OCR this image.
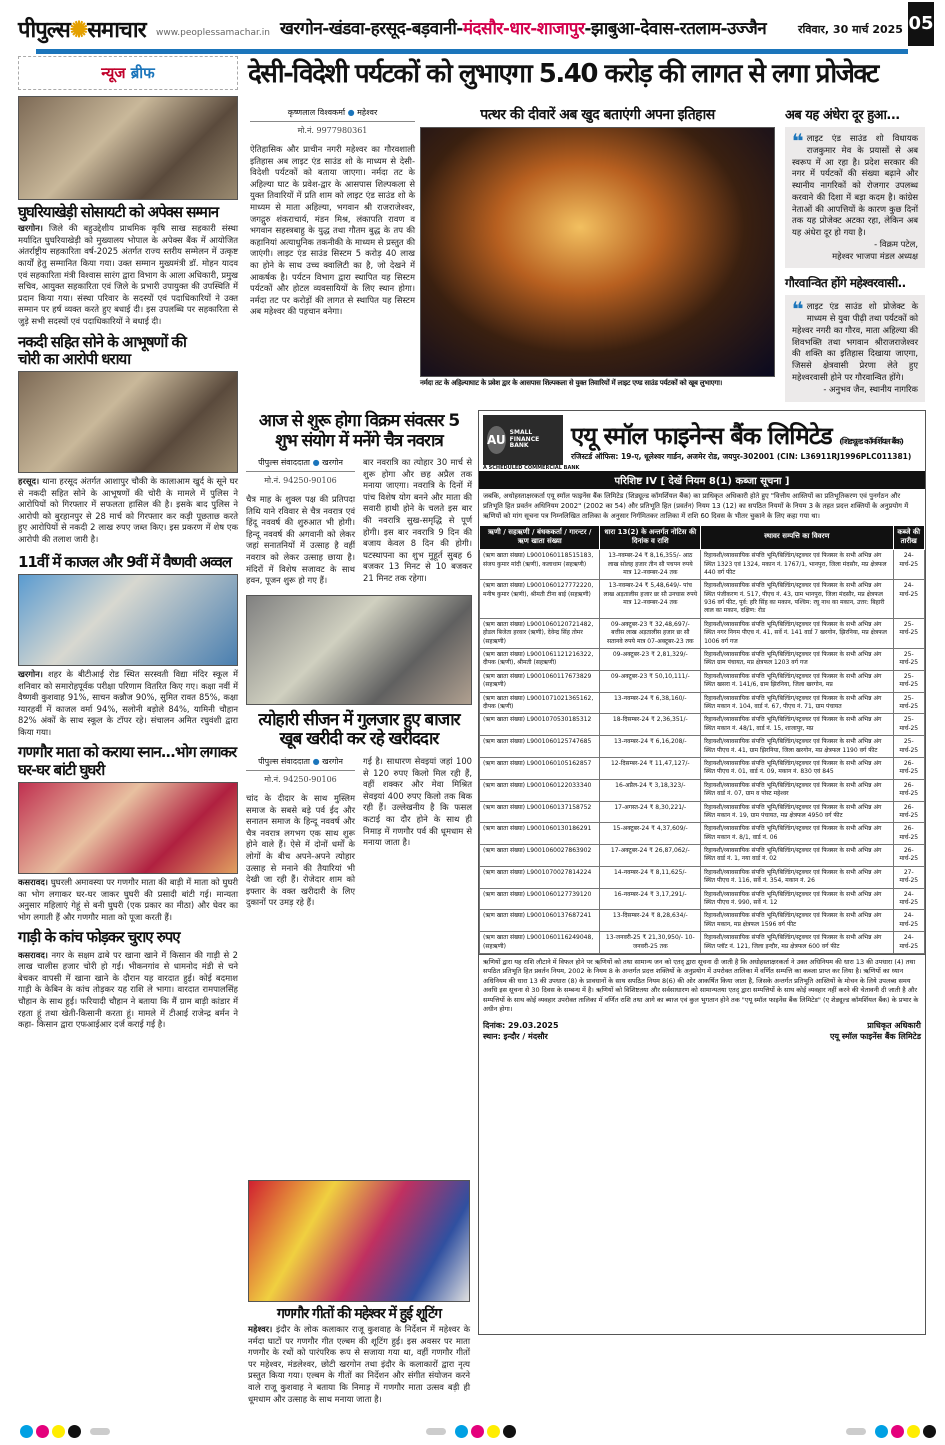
पीपुल्स✺समाचार www.peoplessamachar.in खरगोन-खंडवा-हरसूद-बड़वानी-मंदसौर-धार-शाजापुर-झाबुआ-देवास-रतलाम-उज्जैन	रविवार, 30 मार्च 2025 05
न्यूज ब्रीफ
घुघरियाखेड़ी सोसायटी को अपेक्स सम्मान

खरगोन। जिले की बहुउद्देशीय प्राथमिक कृषि साख सहकारी संस्था मर्यादित घुघरियाखेड़ी को मुख्यालय भोपाल के अपेक्स बैंक में आयोजित अंतर्राष्ट्रीय सहकारिता वर्ष-2025 अंतर्गत राज्य स्तरीय सम्मेलन में उत्कृष्ट कार्यों हेतु सम्मानित किया गया। उक्त सम्मान मुख्यमंत्री डॉ. मोहन यादव एवं सहकारिता मंत्री विश्वास सारंग द्वारा विभाग के आला अधिकारी, प्रमुख सचिव, आयुक्त सहकारिता एवं जिले के प्रभारी उपायुक्त की उपस्थिति में प्रदान किया गया। संस्था परिवार के सदस्यों एवं पदाधिकारियों ने उक्त सम्मान पर हर्ष व्यक्त करते हुए बधाई दी। इस उपलब्धि पर सहकारिता से जुड़े सभी सदस्यों एवं पदाधिकारियों ने बधाई दी।

नकदी सहित सोने के आभूषणों की चोरी का आरोपी धराया

हरसूद। थाना हरसूद अंतर्गत आशापुर चौकी के कालाआम खुर्द के सूने घर से नकदी सहित सोने के आभूषणों की चोरी के मामले में पुलिस ने आरोपियों को गिरफ्तार में सफलता हासिल की है। इसके बाद पुलिस ने आरोपी को बुरहानपुर से 28 मार्च को गिरफ्तार कर कड़ी पूछताछ करते हुए आरोपियों से नकदी 2 लाख रुपए जब्त किए। इस प्रकरण में शेष एक आरोपी की तलाश जारी है।

11वीं में काजल और 9वीं में वैष्णवी अव्वल

खरगोन। शहर के बीटीआई रोड स्थित सरस्वती विद्या मंदिर स्कूल में शनिवार को समारोहपूर्वक परीक्षा परिणाम वितरित किए गए। कक्षा नवीं में वैष्णवी कुशवाह 91%, साचन कन्नौज 90%, सुमित रावत 85%, कक्षा ग्यारहवीं में काजल वर्मा 94%, सलोनी बड़ोले 84%, यामिनी चौहान 82% अंकों के साथ स्कूल के टॉपर रहे। संचालन अमित रघुवंशी द्वारा किया गया।

गणगौर माता को कराया स्नान...भोग लगाकर घर-घर बांटी घुघरी

कसरावद। घुघरली अमावस्या पर गणगौर माता की बाड़ी में माता को घुघरी का भोग लगाकर घर-घर जाकर घुघरी की प्रसादी बांटी गई। मान्यता अनुसार महिलाएं गेहूं से बनी घुघरी (एक प्रकार का मीठा) और घेवर का भोग लगाती हैं और गणगौर माता को पूजा करती हैं।

गाड़ी के कांच फोड़कर चुराए रुपए

कसरावद। नगर के सक्षम ढाबे पर खाना खाने में किसान की गाड़ी से 2 लाख चालीस हजार चोरी हो गई। भीकनगांव से धामनोद मंडी से चने बेचकर वापसी में खाना खाने के दौरान यह वारदात हुई। कोई बदमाश गाड़ी के केबिन के कांच तोड़कर यह राशि ले भागा। वारदात रामपालसिंह चौहान के साथ हुई। फरियादी चौहान ने बताया कि मैं ग्राम बाड़ी कांडार में रहता हूं तथा खेती-किसानी करता हूं। मामले में टीआई राजेन्द्र बर्मन ने कहा- किसान द्वारा एफआईआर दर्ज कराई गई है।

देसी-विदेशी पर्यटकों को लुभाएगा 5.40 करोड़ की लागत से लगा प्रोजेक्ट
कृष्णलाल विश्वकर्मा ● महेश्वर
मो.नं. 9977980361

ऐतिहासिक और प्राचीन नगरी महेश्वर का गौरवशाली इतिहास अब लाइट एंड साउंड शो के माध्यम से देसी-विदेशी पर्यटकों को बताया जाएगा। नर्मदा तट के अहिल्या घाट के प्रवेश-द्वार के आसपास शिल्पकला से युक्त तिवारियों में प्रति शाम को लाइट एंड साउंड शो के माध्यम से माता अहिल्या, भगवान श्री राजराजेश्वर, जगद्गुरु शंकराचार्य, मंडन मिश्र, लंकापति रावण व भगवान सहस्त्रबाहु के युद्ध तथा गौतम बुद्ध के तप की कहानियां अत्याधुनिक तकनीकी के माध्यम से प्रस्तुत की जाएंगी। लाइट एंड साउंड सिस्टम 5 करोड़ 40 लाख का होने के साथ उच्च क्वालिटी का है, जो देखने में आकर्षक है। पर्यटन विभाग द्वारा स्थापित यह सिस्टम पर्यटकों और होटल व्यवसायियों के लिए स्थान होगा। नर्मदा तट पर करोड़ों की लागत से स्थापित यह सिस्टम अब महेश्वर की पहचान बनेगा।

पत्थर की दीवारें अब खुद बताएंगी अपना इतिहास
नर्मदा तट के अहिल्याघाट के प्रवेश द्वार के आसपास शिल्पकला से युक्त तिवारियों में लाइट एण्ड साउंड पर्यटकों को खूब लुभाएगा।
अब यह अंधेरा दूर हुआ...
❝ लाइट एंड साउंड शो विधायक राजकुमार मेव के प्रयासों से अब स्वरूप में आ रहा है। प्रदेश सरकार की नगर में पर्यटकों की संख्या बढ़ाने और स्थानीय नागरिकों को रोजगार उपलब्ध करवाने की दिशा में बड़ा कदम है। कांग्रेस नेताओं की आपत्तियों के कारण कुछ दिनों तक यह प्रोजेक्ट अटका रहा, लेकिन अब यह अंधेरा दूर हो गया है।
- विक्रम पटेल,
महेश्वर भाजपा मंडल अध्यक्ष
गौरवान्वित होंगे महेश्वरवासी..
❝ लाइट एंड साउंड शो प्रोजेक्ट के माध्यम से युवा पीढ़ी तथा पर्यटकों को महेश्वर नगरी का गौरव, माता अहिल्या की शिवभक्ति तथा भगवान श्रीराजराजेश्वर की शक्ति का इतिहास दिखाया जाएगा, जिससे क्षेत्रवासी प्रेरणा लेते हुए महेश्वरवासी होने पर गौरवान्वित होंगे।
- अनुभव जैन, स्थानीय नागरिक
आज से शुरू होगा विक्रम संवत्सर 5 शुभ संयोग में मनेंगे चैत्र नवरात्र
पीपुल्स संवाददाता ● खरगोन
मो.नं. 94250-90106

चैत्र माह के शुक्ल पक्ष की प्रतिपदा तिथि याने रविवार से चैत्र नवरात्र एवं हिंदू नववर्ष की शुरुआत भी होगी। हिन्दू नववर्ष की अगवानी को लेकर जहां सनातनियों में उत्साह है वहीं नवरात्र को लेकर उत्साह छाया है। मंदिरों में विशेष सजावट के साथ हवन, पूजन शुरू हो गए हैं।

बार नवरात्रि का त्योहार 30 मार्च से शुरू होगा और छह अप्रैल तक मनाया जाएगा। नवरात्रि के दिनों में पांच विशेष योग बनने और माता की सवारी हाथी होने के चलते इस बार की नवरात्रि सुख-समृद्धि से पूर्ण होगी। इस बार नवरात्रि 9 दिन की बजाय केवल 8 दिन की होगी। घटस्थापना का शुभ मुहूर्त सुबह 6 बजकर 13 मिनट से 10 बजकर 21 मिनट तक रहेगा।

त्योहारी सीजन में गुलजार हुए बाजार खूब खरीदी कर रहे खरीददार
पीपुल्स संवाददाता ● खरगोन
मो.नं. 94250-90106

चांद के दीदार के साथ मुस्लिम समाज के सबसे बड़े पर्व ईद और सनातन समाज के हिन्दू नववर्ष और चैत्र नवरात्र लगभग एक साथ शुरू होने वाले हैं। ऐसे में दोनों धर्मों के लोगों के बीच अपने-अपने त्योहार उत्साह से मनाने की तैयारियां भी देखी जा रही हैं। रोजेदार शाम को इफ्तार के वक्त खरीदारी के लिए दुकानों पर उमड़ रहे हैं।

गई है। साधारण सेवइयां जहां 100 से 120 रुपए किलो मिल रही हैं, वहीं शक्कर और मेवा मिश्रित सेवइयां 400 रुपए किलो तक बिक रही हैं। उल्लेखनीय है कि फसल कटाई का दौर होने के साथ ही निमाड़ में गणगौर पर्व की धूमधाम से मनाया जाता है।

गणगौर गीतों की महेश्वर में हुई शूटिंग

महेश्वर। इंदौर के लोक कलाकार राजू कुशवाह के निर्देशन में महेश्वर के नर्मदा घाटों पर गणगौर गीत एल्बम की शूटिंग हुई। इस अवसर पर माता गणगौर के रथों को पारंपरिक रूप से सजाया गया था, वहीं गणगौर गीतों पर महेश्वर, मंडलेश्वर, छोटी खरगोन तथा इंदौर के कलाकारों द्वारा नृत्य प्रस्तुत किया गया। एल्बम के गीतों का निर्देशन और संगीत संयोजन करने वाले राजू कुशवाह ने बताया कि निमाड़ में गणगौर माता उत्सव बड़ी ही धूमधाम और उत्साह के साथ मनाया जाता है।

AU
SMALL FINANCE BANK	एयू स्मॉल फाइनेन्स बैंक लिमिटेड (शिड्यूल्ड कॉमर्शियल बैंक)
रजिस्टर्ड ऑफिस: 19-ए, धूलेश्वर गार्डन, अजमेर रोड, जयपुर-302001 (CIN: L36911RJ1996PLC011381)
A SCHEDULED COMMERCIAL BANK
परिशिष्ट IV [ देखें नियम 8(1) कब्जा सूचना ]
जबकि, अधोहस्ताक्षरकर्ता एयू स्मॉल फाइनेंस बैंक लिमिटेड (शिड्यूल्ड कॉमर्शियल बैंक) का प्राधिकृत अधिकारी होते हुए "वित्तीय आस्तियों का प्रतिभूतिकरण एवं पुनर्गठन और प्रतिभूति हित प्रवर्तन अधिनियम 2002" (2002 का 54) और प्रतिभूति हित (प्रवर्तन) नियम 13 (12) का सपठित नियमों के नियम 3 के तहत प्रदत्त शक्तियों के अनुप्रयोग में ऋणियों को मांग सूचना पत्र निम्नलिखित तालिका के अनुसार निर्गमितकर तालिका में राशि 60 दिवस के भीतर चुकाने के लिए कहा गया था।
ऋणी / सहऋणी / बंधककर्ता / गारन्टर / ऋण खाता संख्या	धारा 13(2) के अन्तर्गत नोटिस की दिनांक व राशि	स्थावर सम्पत्ति का विवरण	कब्जे की तारीख
(ऋण खाता संख्या) L9001060118515183, संजय कुमार मांदी (ऋणी), कलाधाम (सहऋणी)	13-नवम्बर-24 ₹ 8,16,355/- आठ लाख सोलह हजार तीन सौ पचपन रुपये मात्र 12-नवम्बर-24 तक	रिहायशी/व्यावसायिक संपत्ति भूमि/बिल्डिंग/स्ट्रक्चर एवं फिक्सर के सभी अभिन्न अंग स्थित 1323 एवं 1324, मकान नं. 1767/1, भानपुरा, जिला मंदसौर, मप्र क्षेत्रफल 440 वर्ग फीट	24-मार्च-25
(ऋण खाता संख्या) L9001060127772220, मनीष कुमार (ऋणी), श्रीमती टीना बाई (सहऋणी)	13-नवम्बर-24 ₹ 5,48,649/- पांच लाख अड़तालीस हजार छः सौ उनचास रुपये मात्र 12-नवम्बर-24 तक	रिहायशी/व्यावसायिक संपत्ति भूमि/बिल्डिंग/स्ट्रक्चर एवं फिक्सर के सभी अभिन्न अंग स्थित पंजीकरण नं. 517, पीएच नं. 43, ग्राम भानपुरा, जिला मंदसौर, मप्र क्षेत्रफल 936 वर्ग फीट, पूर्व: हरि सिंह का मकान, पश्चिम: रघु नाथ का मकान, उत्तर: बिहारी लाल का मकान, दक्षिण: रोड	24-मार्च-25
(ऋण खाता संख्या) L9001060120721482, होडल बिजेता हरवार (ऋणी), देवेन्द्र सिंह तोमर (सहऋणी)	09-अक्टूबर-23 ₹ 32,48,697/- बत्तीस लाख अड़तालीस हजार छः सौ सतानवे रुपये मात्र 07-अक्टूबर-23 तक	रिहायशी/व्यावसायिक संपत्ति भूमि/बिल्डिंग/स्ट्रक्चर एवं फिक्सर के सभी अभिन्न अंग स्थित नगर निगम पीएच नं. 41, सर्वे नं. 141 वार्ड 7 खरगोन, झिरनिया, मप्र क्षेत्रफल 1006 वर्ग गज	25-मार्च-25
(ऋण खाता संख्या) L9001061121216322, दीपक (ऋणी), श्रीमती (सहऋणी)	09-अक्टूबर-23 ₹ 2,81,329/-	रिहायशी/व्यावसायिक संपत्ति भूमि/बिल्डिंग/स्ट्रक्चर एवं फिक्सर के सभी अभिन्न अंग स्थित ग्राम पंचायत, मप्र क्षेत्रफल 1203 वर्ग गज	25-मार्च-25
(ऋण खाता संख्या) L9001060117673829 (सहऋणी)	09-अक्टूबर-23 ₹ 50,10,111/-	रिहायशी/व्यावसायिक संपत्ति भूमि/बिल्डिंग/स्ट्रक्चर एवं फिक्सर के सभी अभिन्न अंग स्थित खसरा नं. 141/6, ग्राम झिरनिया, जिला खरगोन, मप्र	25-मार्च-25
(ऋण खाता संख्या) L9001071021365162, दीपक (ऋणी)	13-नवम्बर-24 ₹ 6,38,160/-	रिहायशी/व्यावसायिक संपत्ति भूमि/बिल्डिंग/स्ट्रक्चर एवं फिक्सर के सभी अभिन्न अंग स्थित मकान नं. 104, वार्ड नं. 67, पीएच नं. 71, ग्राम पंचायत	25-मार्च-25
(ऋण खाता संख्या) L9001070530185312	18-दिसम्बर-24 ₹ 2,36,351/-	रिहायशी/व्यावसायिक संपत्ति भूमि/बिल्डिंग/स्ट्रक्चर एवं फिक्सर के सभी अभिन्न अंग स्थित मकान नं. 48/1, वार्ड नं. 15, शाजापुर, मप्र	25-मार्च-25
(ऋण खाता संख्या) L9001060125747685	13-नवम्बर-24 ₹ 6,16,208/-	रिहायशी/व्यावसायिक संपत्ति भूमि/बिल्डिंग/स्ट्रक्चर एवं फिक्सर के सभी अभिन्न अंग स्थित पीएच नं. 41, ग्राम झिरनिया, जिला खरगोन, मप्र क्षेत्रफल 1190 वर्ग फीट	25-मार्च-25
(ऋण खाता संख्या) L9001060105162857	12-दिसम्बर-24 ₹ 11,47,127/-	रिहायशी/व्यावसायिक संपत्ति भूमि/बिल्डिंग/स्ट्रक्चर एवं फिक्सर के सभी अभिन्न अंग स्थित पीएच नं. 01, वार्ड नं. 09, मकान नं. 830 एवं 845	26-मार्च-25
(ऋण खाता संख्या) L9001060122033340	16-अप्रैल-24 ₹ 3,18,323/-	रिहायशी/व्यावसायिक संपत्ति भूमि/बिल्डिंग/स्ट्रक्चर एवं फिक्सर के सभी अभिन्न अंग स्थित वार्ड नं. 07, ग्राम व पोस्ट महेश्वर	26-मार्च-25
(ऋण खाता संख्या) L9001060137158752	17-अगस्त-24 ₹ 8,30,221/-	रिहायशी/व्यावसायिक संपत्ति भूमि/बिल्डिंग/स्ट्रक्चर एवं फिक्सर के सभी अभिन्न अंग स्थित मकान नं. 19, ग्राम पंचायत, मप्र क्षेत्रफल 4950 वर्ग फीट	26-मार्च-25
(ऋण खाता संख्या) L9001060130186291	15-अक्टूबर-24 ₹ 4,37,609/-	रिहायशी/व्यावसायिक संपत्ति भूमि/बिल्डिंग/स्ट्रक्चर एवं फिक्सर के सभी अभिन्न अंग स्थित मकान नं. 8/1, वार्ड नं. 06	26-मार्च-25
(ऋण खाता संख्या) L9001060027863902	17-अक्टूबर-24 ₹ 26,87,062/-	रिहायशी/व्यावसायिक संपत्ति भूमि/बिल्डिंग/स्ट्रक्चर एवं फिक्सर के सभी अभिन्न अंग स्थित वार्ड नं. 1, नया वार्ड नं. 02	26-मार्च-25
(ऋण खाता संख्या) L9001070027814224	14-नवम्बर-24 ₹ 8,11,625/-	रिहायशी/व्यावसायिक संपत्ति भूमि/बिल्डिंग/स्ट्रक्चर एवं फिक्सर के सभी अभिन्न अंग स्थित पीएच नं. 116, सर्वे नं. 354, मकान नं. 26	27-मार्च-25
(ऋण खाता संख्या) L9001060127739120	16-नवम्बर-24 ₹ 3,17,291/-	रिहायशी/व्यावसायिक संपत्ति भूमि/बिल्डिंग/स्ट्रक्चर एवं फिक्सर के सभी अभिन्न अंग स्थित पीएच नं. 990, सर्वे नं. 12	24-मार्च-25
(ऋण खाता संख्या) L9001060137687241	13-दिसम्बर-24 ₹ 8,28,634/-	रिहायशी/व्यावसायिक संपत्ति भूमि/बिल्डिंग/स्ट्रक्चर एवं फिक्सर के सभी अभिन्न अंग स्थित मकान, मप्र क्षेत्रफल 1596 वर्ग फीट	24-मार्च-25
(ऋण खाता संख्या) L9001060116249048, (सहऋणी)	13-जनवरी-25 ₹ 21,30,950/- 10-जनवरी-25 तक	रिहायशी/व्यावसायिक संपत्ति भूमि/बिल्डिंग/स्ट्रक्चर एवं फिक्सर के सभी अभिन्न अंग स्थित प्लॉट नं. 121, जिला इन्दौर, मप्र क्षेत्रफल 600 वर्ग फीट	24-मार्च-25
ऋणियों द्वारा यह राशि लौटाने में विफल होने पर ऋणियों को तथा सामान्य जन को एतद् द्वारा सूचना दी जाती है कि अधोहस्ताक्षरकर्ता ने उक्त अधिनियम की धारा 13 की उपधारा (4) तथा सपठित प्रतिभूति हित प्रवर्तन नियम, 2002 के नियम 8 के अन्तर्गत प्रदत्त शक्तियों के अनुप्रयोग में उपरोक्त तालिका में वर्णित सम्पत्ति का कब्जा प्राप्त कर लिया है। ऋणियों का ध्यान अधिनियम की धारा 13 की उपधारा (8) के प्रावधानों के साथ सपठित नियम 8(6) की ओर आकर्षित किया जाता है, जिसके अन्तर्गत प्रतिभूति आस्तियों के मोचन के लिये उपलब्ध समय अवधि इस सूचना से 30 दिवस के सम्बन्ध में है। ऋणियों को विशिष्टतया और सर्वसाधारण को सामान्यतया एतद् द्वारा सम्पत्तियों के साथ कोई व्यवहार नहीं करने की चेतावनी दी जाती है और सम्पत्तियों के साथ कोई व्यवहार उपरोक्त तालिका में वर्णित राशि तथा आगे का ब्याज एवं कुल भुगतान होने तक "एयू स्मॉल फाइनेंस बैंक लिमिटेड" (ए शेड्यूल्ड कॉमर्शियल बैंक) के प्रभार के अधीन होगा।
दिनांक: 29.03.2025
स्थान: इन्दौर / मंदसौर
प्राधिकृत अधिकारी
एयू स्मॉल फाइनेंस बैंक लिमिटेड
